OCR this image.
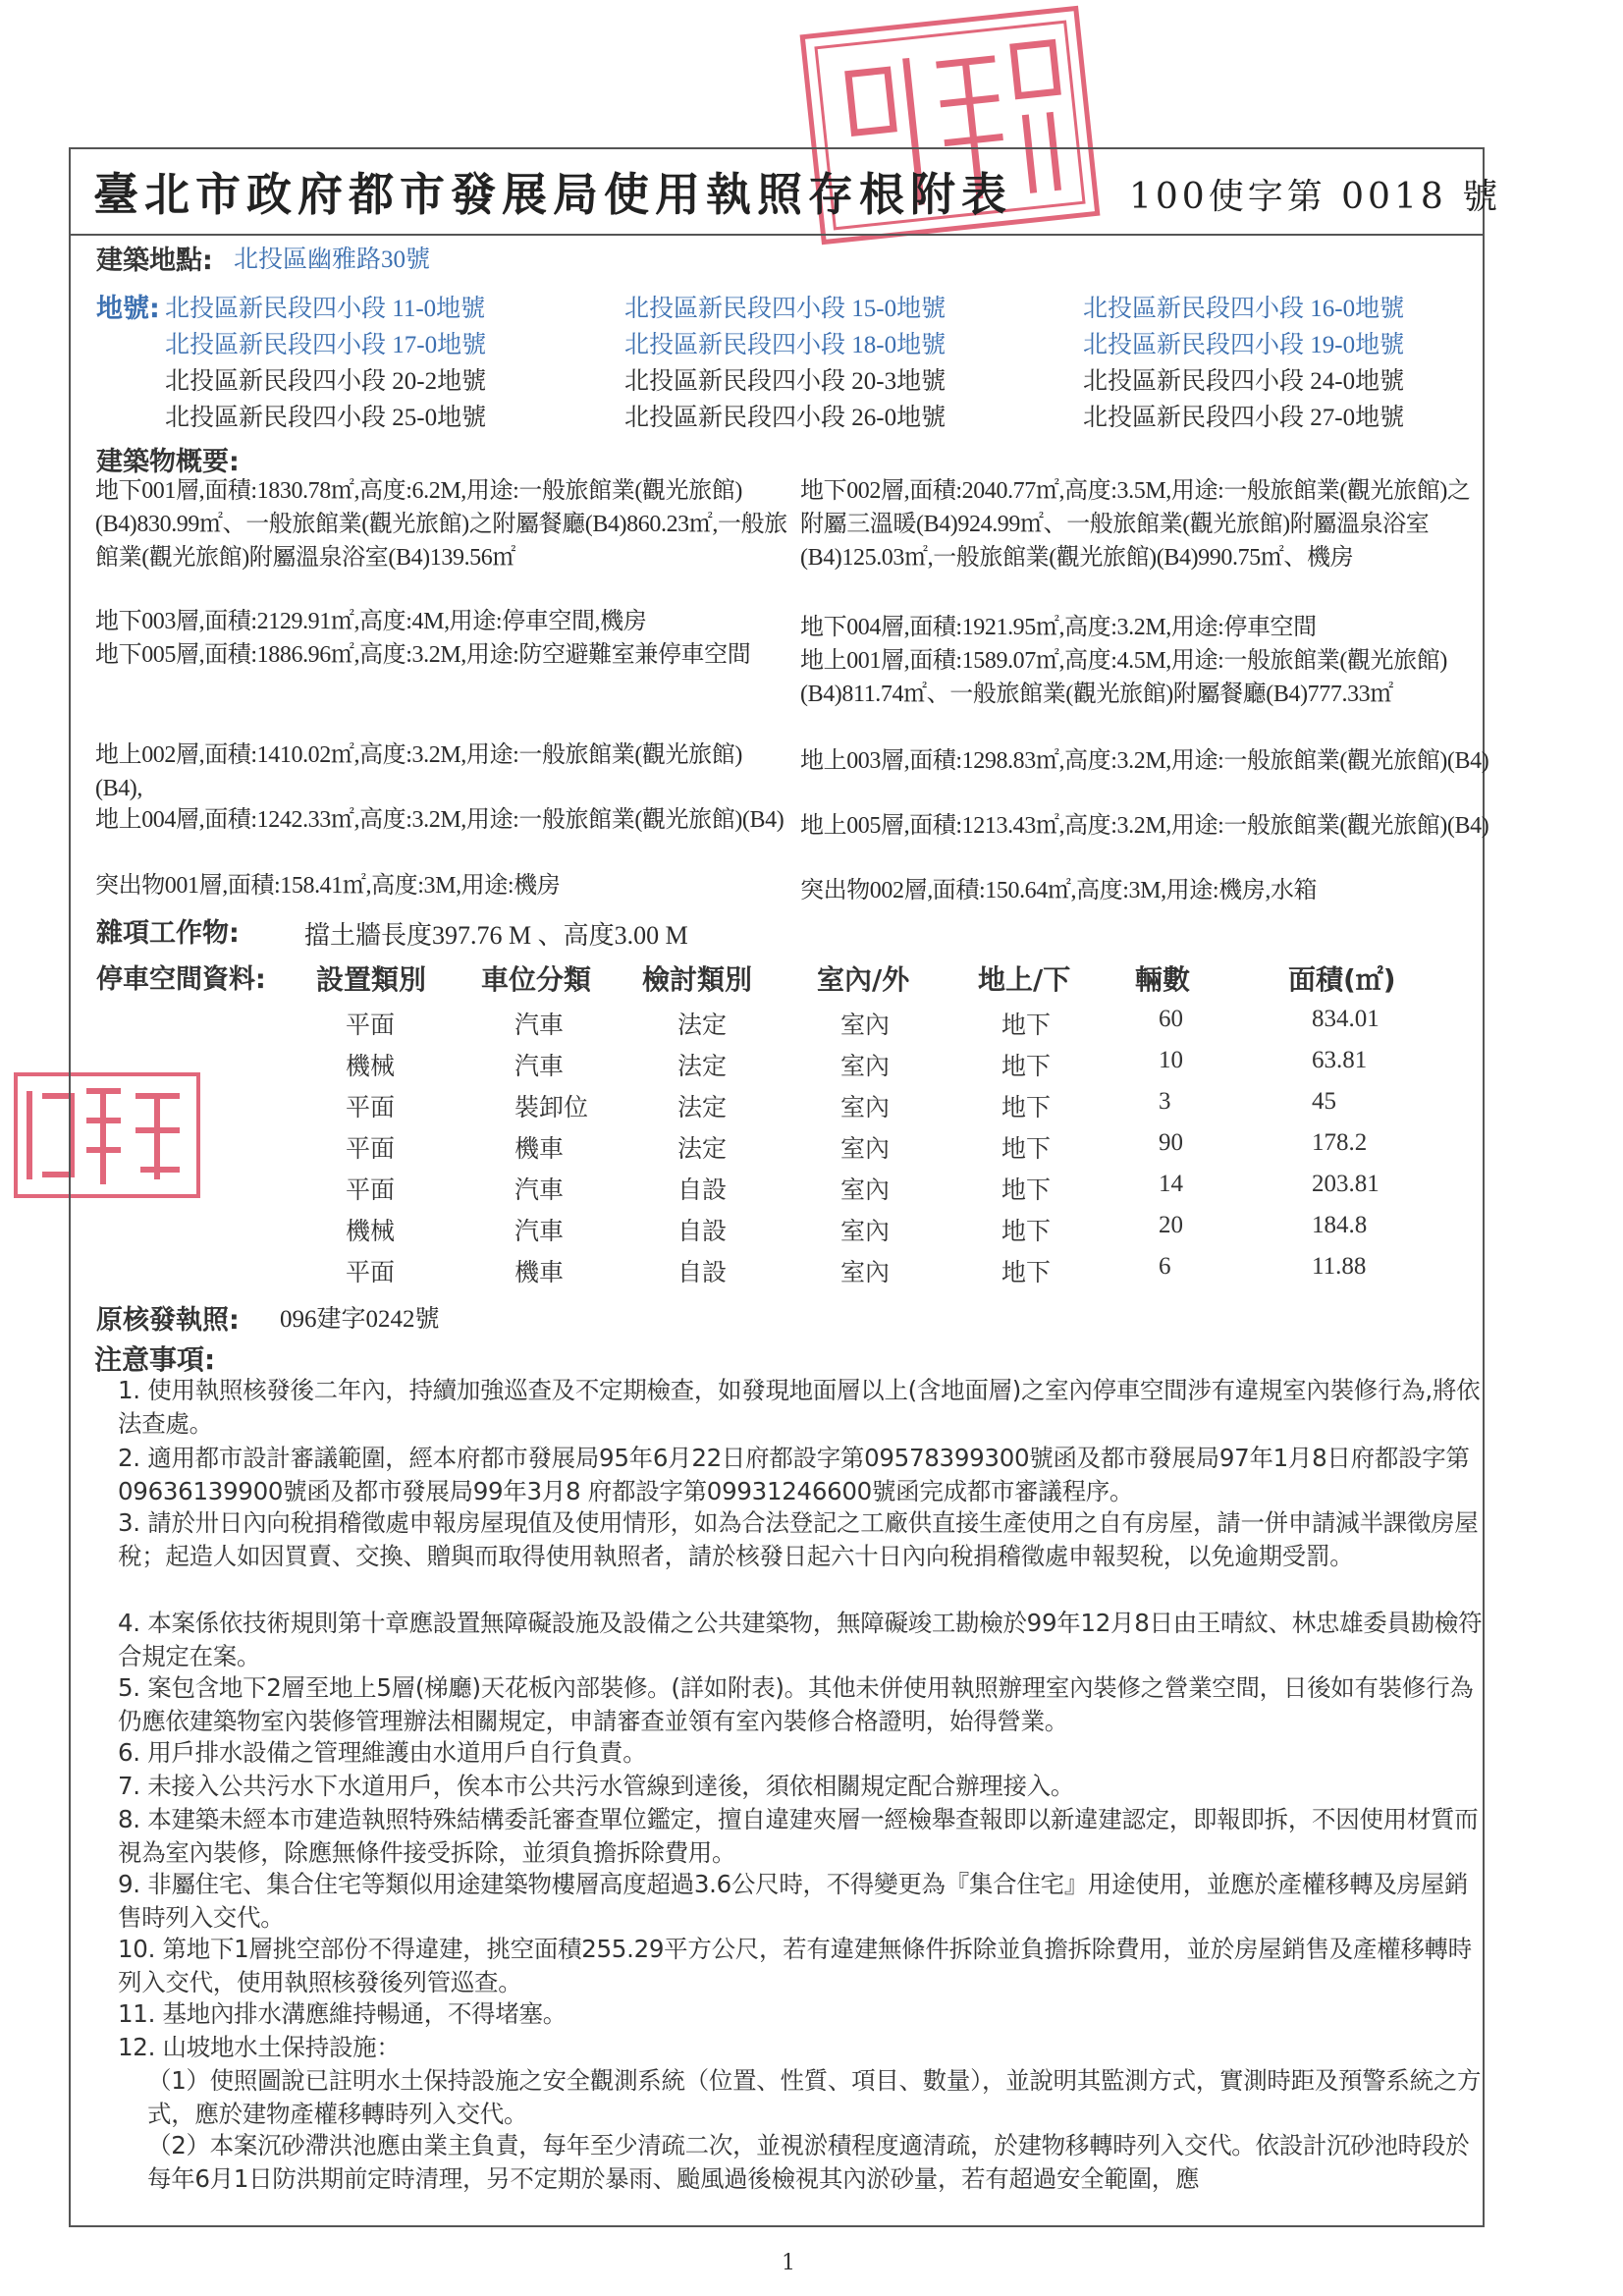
臺北市政府都市發展局使用執照存根附表	100使字第 0018 號
建築地點: 北投區幽雅路30號
地號: 北投區新民段四小段 11-0地號	北投區新民段四小段 15-0地號	北投區新民段四小段 16-0地號
北投區新民段四小段 17-0地號	北投區新民段四小段 18-0地號	北投區新民段四小段 19-0地號
北投區新民段四小段 20-2地號	北投區新民段四小段 20-3地號	北投區新民段四小段 24-0地號
北投區新民段四小段 25-0地號	北投區新民段四小段 26-0地號	北投區新民段四小段 27-0地號
建築物概要:
地下001層,面積:1830.78㎡,高度:6.2M,用途:一般旅館業(觀光旅館)(B4)830.99㎡、一般旅館業(觀光旅館)之附屬餐廳(B4)860.23㎡,一般旅館業(觀光旅館)附屬溫泉浴室(B4)139.56㎡
地下003層,面積:2129.91㎡,高度:4M,用途:停車空間,機房
地下005層,面積:1886.96㎡,高度:3.2M,用途:防空避難室兼停車空間
地上002層,面積:1410.02㎡,高度:3.2M,用途:一般旅館業(觀光旅館)(B4),
地上004層,面積:1242.33㎡,高度:3.2M,用途:一般旅館業(觀光旅館)(B4)
突出物001層,面積:158.41㎡,高度:3M,用途:機房
地下002層,面積:2040.77㎡,高度:3.5M,用途:一般旅館業(觀光旅館)之附屬三溫暖(B4)924.99㎡、一般旅館業(觀光旅館)附屬溫泉浴室(B4)125.03㎡,一般旅館業(觀光旅館)(B4)990.75㎡、機房
地下004層,面積:1921.95㎡,高度:3.2M,用途:停車空間
地上001層,面積:1589.07㎡,高度:4.5M,用途:一般旅館業(觀光旅館)(B4)811.74㎡、一般旅館業(觀光旅館)附屬餐廳(B4)777.33㎡
地上003層,面積:1298.83㎡,高度:3.2M,用途:一般旅館業(觀光旅館)(B4)
地上005層,面積:1213.43㎡,高度:3.2M,用途:一般旅館業(觀光旅館)(B4)
突出物002層,面積:150.64㎡,高度:3M,用途:機房,水箱
雜項工作物:	擋土牆長度397.76 M 、高度3.00 M
停車空間資料: 設置類別 車位分類 檢討類別 室內/外 地上/下 輛數	面積(㎡)
平面	汽車	法定	室內	地下	60	834.01
機械	汽車	法定	室內	地下	10	63.81
平面	裝卸位	法定	室內	地下	3	45
平面	機車	法定	室內	地下	90	178.2
平面	汽車	自設	室內	地下	14	203.81
機械	汽車	自設	室內	地下	20	184.8
平面	機車	自設	室內	地下	6	11.88
原核發執照: 096建字0242號
注意事項:
1. 使用執照核發後二年內，持續加強巡查及不定期檢查，如發現地面層以上(含地面層)之室內停車空間涉有違規室內裝修行為,將依法查處。
2. 適用都市設計審議範圍，經本府都市發展局95年6月22日府都設字第09578399300號函及都市發展局97年1月8日府都設字第09636139900號函及都市發展局99年3月8 府都設字第09931246600號函完成都市審議程序。
3. 請於卅日內向稅捐稽徵處申報房屋現值及使用情形，如為合法登記之工廠供直接生產使用之自有房屋，請一併申請減半課徵房屋稅；起造人如因買賣、交換、贈與而取得使用執照者，請於核發日起六十日內向稅捐稽徵處申報契稅，以免逾期受罰。
4. 本案係依技術規則第十章應設置無障礙設施及設備之公共建築物，無障礙竣工勘檢於99年12月8日由王晴紋、林忠雄委員勘檢符合規定在案。
5. 案包含地下2層至地上5層(梯廳)天花板內部裝修。(詳如附表)。其他未併使用執照辦理室內裝修之營業空間，日後如有裝修行為仍應依建築物室內裝修管理辦法相關規定，申請審查並領有室內裝修合格證明，始得營業。
6. 用戶排水設備之管理維護由水道用戶自行負責。
7. 未接入公共污水下水道用戶，俟本市公共污水管線到達後，須依相關規定配合辦理接入。
8. 本建築未經本市建造執照特殊結構委託審查單位鑑定，擅自違建夾層一經檢舉查報即以新違建認定，即報即拆，不因使用材質而視為室內裝修，除應無條件接受拆除，並須負擔拆除費用。
9. 非屬住宅、集合住宅等類似用途建築物樓層高度超過3.6公尺時，不得變更為『集合住宅』用途使用，並應於產權移轉及房屋銷售時列入交代。
10. 第地下1層挑空部份不得違建，挑空面積255.29平方公尺，若有違建無條件拆除並負擔拆除費用，並於房屋銷售及產權移轉時列入交代，使用執照核發後列管巡查。
11. 基地內排水溝應維持暢通，不得堵塞。
12. 山坡地水土保持設施：
（1）使照圖說已註明水土保持設施之安全觀測系統（位置、性質、項目、數量），並說明其監測方式，實測時距及預警系統之方式，應於建物產權移轉時列入交代。
（2）本案沉砂滯洪池應由業主負責，每年至少清疏二次，並視淤積程度適清疏，於建物移轉時列入交代。依設計沉砂池時段於每年6月1日防洪期前定時清理，另不定期於暴雨、颱風過後檢視其內淤砂量，若有超過安全範圍，應
1
